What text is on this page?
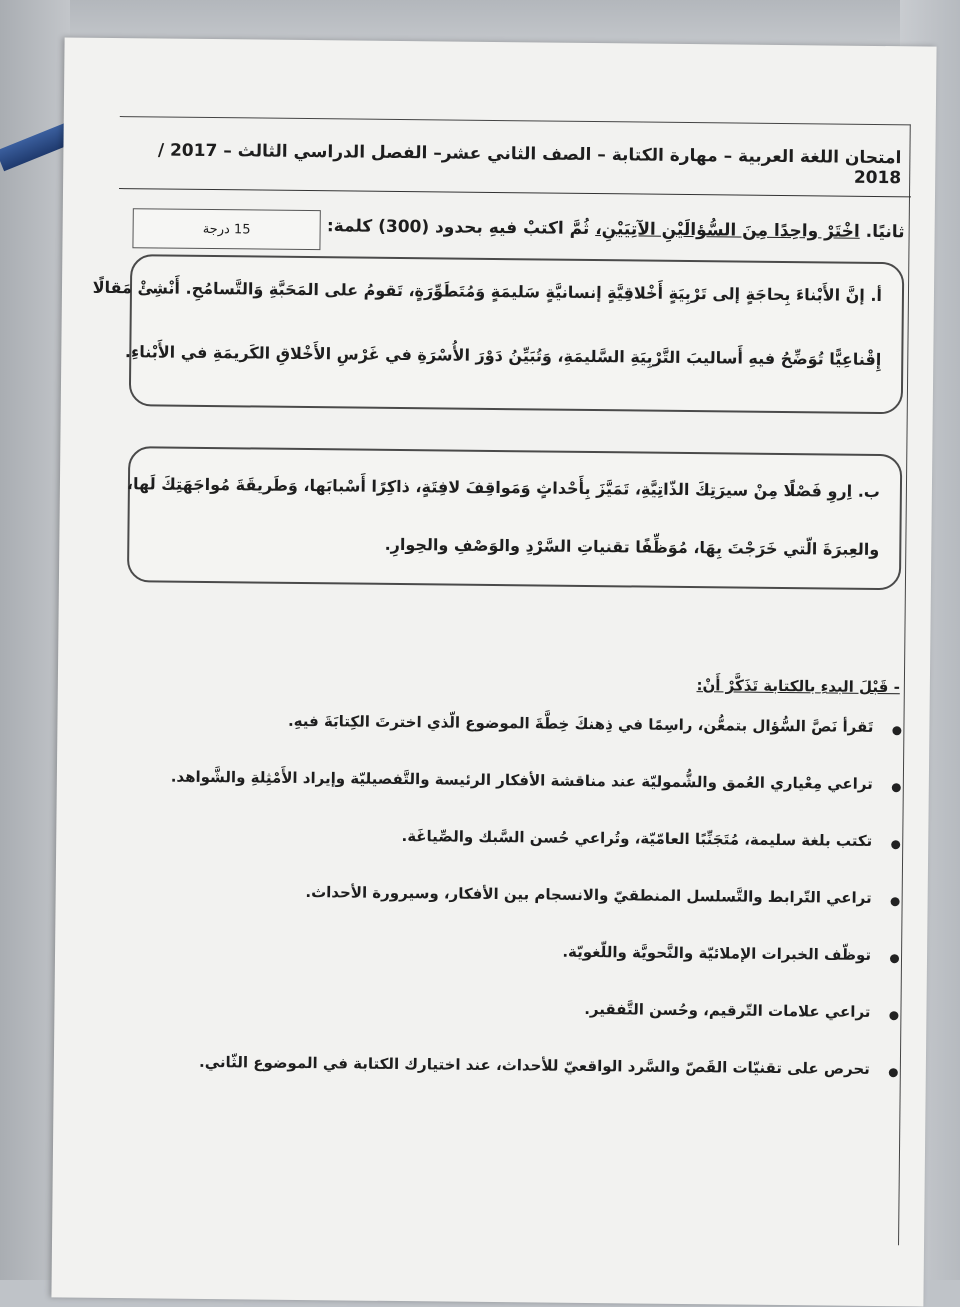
امتحان اللغة العربية – مهارة الكتابة – الصف الثاني عشر– الفصل الدراسي الثالث – 2017 / 2018
ثانيًا. اخْتَرْ واحِدًا مِنَ السُّؤالَيْنِ الآتِيَيْنِ، ثُمَّ اكتبْ فيهِ بحدود (300) كلمة:
15 درجة
أ. إنَّ الأَبْناءَ بِحاجَةٍ إلى تَرْبِيَةٍ أَخْلاقِيَّةٍ إنسانيَّةٍ سَليمَةٍ وَمُتَطَوِّرَةٍ، تَقومُ على المَحَبَّةِ وَالتَّسامُحِ. أَنْشِئْ مَقالًا
إِقْناعِيًّا تُوَضِّحُ فيهِ أَساليبَ التَّرْبِيَةِ السَّليمَةِ، وَتُبَيِّنُ دَوْرَ الأُسْرَةِ في غَرْسِ الأَخْلاقِ الكَريمَةِ في الأَبْناءِ.
ب. اِروِ فَصْلًا مِنْ سيرَتِكَ الذّاتِيَّةِ، تَمَيَّزَ بِأَحْداثٍ وَمَواقِفَ لافِتَةٍ، ذاكِرًا أَسْبابَها، وَطَريقَةَ مُواجَهَتِكَ لَها،
والعِبرَةَ الّتي خَرَجْتَ بِهَا، مُوَظِّفًا تقنياتِ السَّرْدِ والوَصْفِ والحِوارِ.
- قَبْلَ البدءِ بالكتابة تَذَكَّرْ أَنْ:
تَقرأ نَصَّ السُّؤال بتمعُّن، راسِمًا في ذِهنكَ خِطَّةَ الموضوع الّذي اخترتَ الكِتابَةَ فيهِ.
تراعي مِعْياري العُمق والشُّموليّة عند مناقشة الأفكار الرئيسة والتَّفصيليّة وإيراد الأَمْثِلةِ والشَّواهد.
تكتب بلغة سليمة، مُتَجَنِّبًا العامّيّة، وتُراعي حُسن السَّبك والصِّياغَة.
تراعي التّرابط والتَّسلسل المنطقيّ والانسجام بين الأفكار، وسيرورة الأحداث.
توظّف الخبرات الإملائيّة والنَّحويَّة واللّغويّة.
تراعي علامات التّرقيم، وحُسن التَّفقير.
تحرص على تقنيّات القَصّ والسَّرد الواقعيّ للأحداث، عند اختيارك الكتابة في الموضوع الثّاني.
